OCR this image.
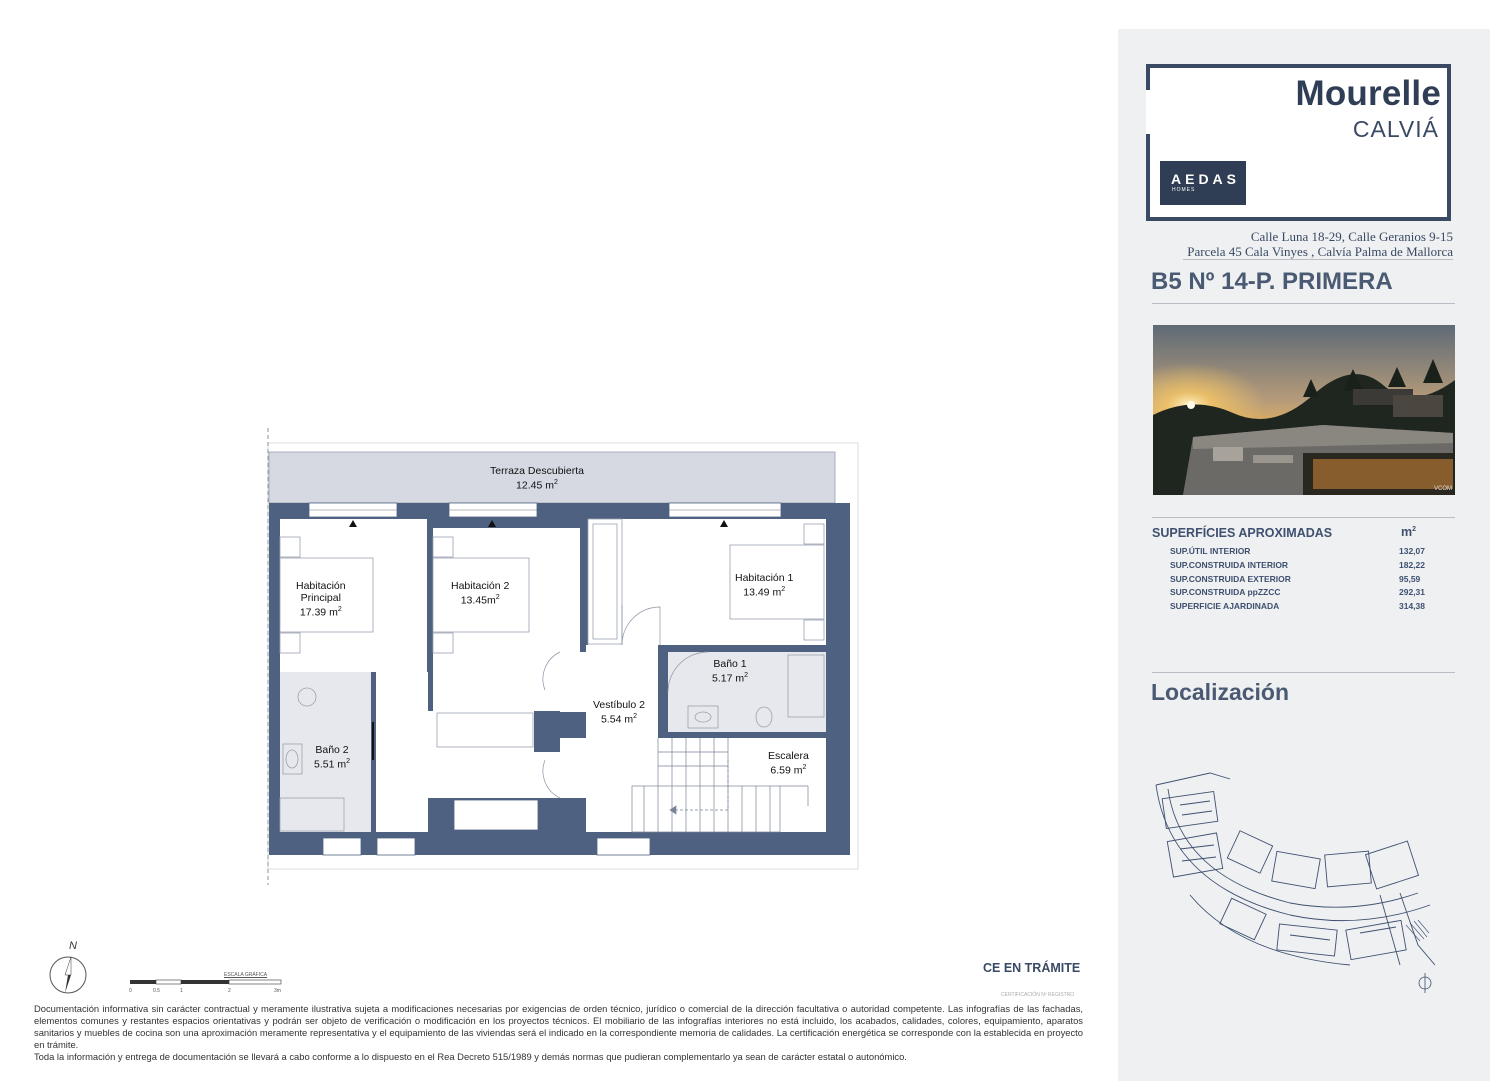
Terraza Descubierta
12.45 $m^2$
Habitación
Principal
17.39 $m^2$
Habitación 2
$13.45m^2$
Habitación 1
13.49 $m^2$
Baño 1
5.17 $m^2$
Baño 2
5.51 $m^2$
Vestíbulo 2
5.54 $m^2$
Escalera
6.59 $m^2$
N
ESCALA GRÁFICA
0	0.5	1	2	3m
CE EN TRÁMITE
CERTIFICACIÓN Nº REGISTRO
Documentación informativa sin carácter contractual y meramente ilustrativa sujeta a modificaciones necesarias por exigencias de orden técnico, jurídico o comercial de la dirección facultativa o autoridad competente. Las infografías de las fachadas, elementos comunes y restantes espacios orientativas y podrán ser objeto de verificación o modificación en los proyectos técnicos. El mobiliario de las infografías interiores no está incluido, los acabados, calidades, colores, equipamiento, aparatos sanitarios y muebles de cocina son una aproximación meramente representativa y el equipamiento de las viviendas será el indicado en la correspondiente memoria de calidades. La certificación energética se corresponde con la establecida en proyecto en trámite.
Toda la información y entrega de documentación se llevará a cabo conforme a lo dispuesto en el Rea Decreto 515/1989 y demás normas que pudieran complementarlo ya sean de carácter estatal o autonómico.
Mourelle
CALVIÁ
AEDAS
HOMES
Calle Luna 18-29, Calle Geranios 9-15
Parcela 45 Cala Vinyes , Calvía Palma de Mallorca
B5 Nº 14-P. PRIMERA
VCOM
SUPERFÍCIES APROXIMADAS	$m^2$
SUP.ÚTIL INTERIOR	132,07
SUP.CONSTRUIDA INTERIOR	182,22
SUP.CONSTRUIDA EXTERIOR	95,59
SUP.CONSTRUIDA ppZZCC	292,31
SUPERFICIE AJARDINADA	314,38
Localización
